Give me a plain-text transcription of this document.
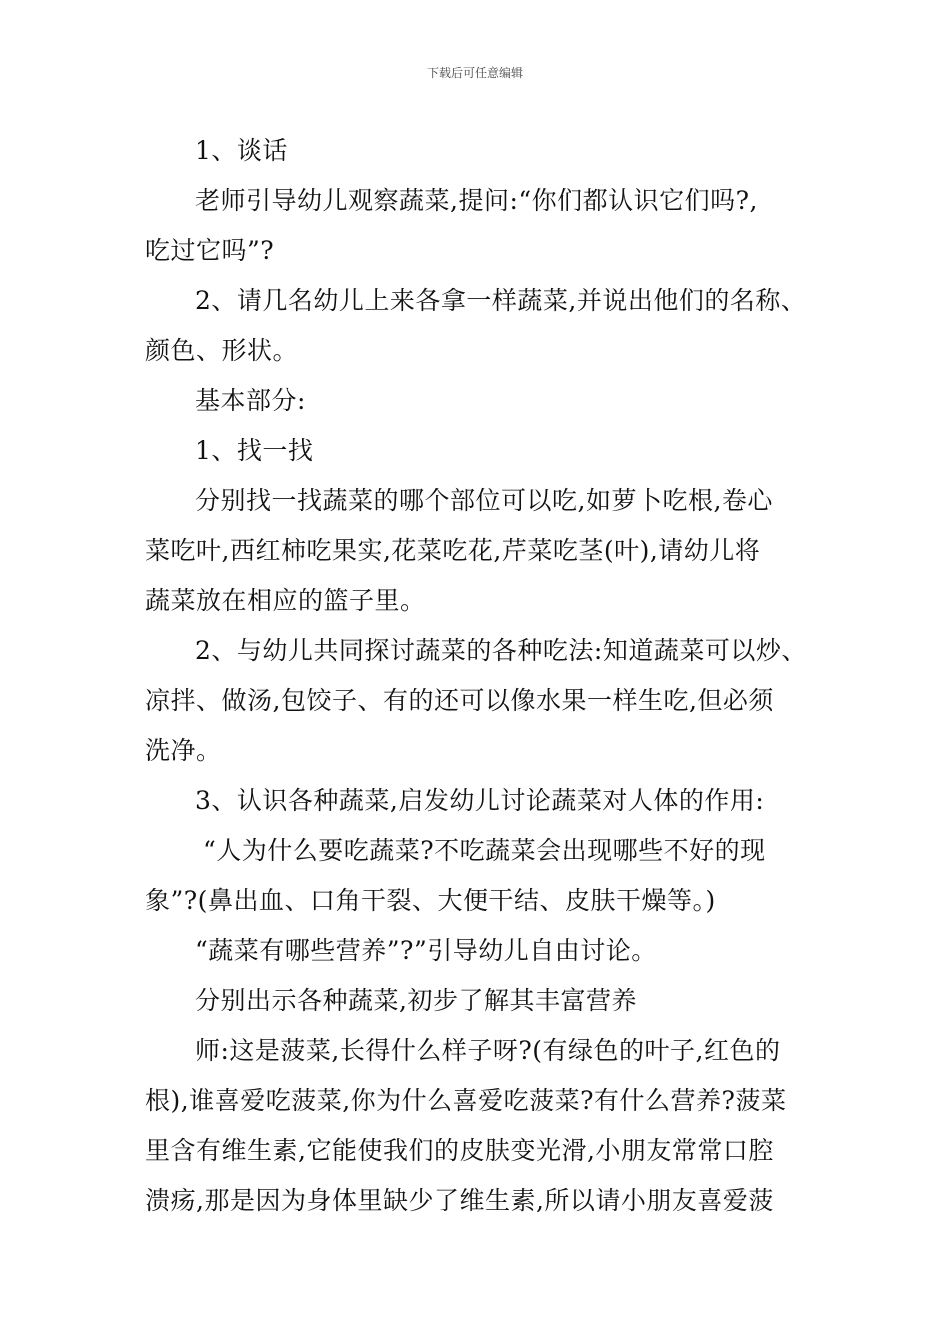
下载后可任意编辑
1、谈话
老师引导幼儿观察蔬菜,提问:“你们都认识它们吗?,
吃过它吗”?
2、请几名幼儿上来各拿一样蔬菜,并说出他们的名称、
颜色、形状。
基本部分:
1、找一找
分别找一找蔬菜的哪个部位可以吃,如萝卜吃根,卷心
菜吃叶,西红柿吃果实,花菜吃花,芹菜吃茎(叶),请幼儿将
蔬菜放在相应的篮子里。
2、与幼儿共同探讨蔬菜的各种吃法:知道蔬菜可以炒、
凉拌、做汤,包饺子、有的还可以像水果一样生吃,但必须
洗净。
3、认识各种蔬菜,启发幼儿讨论蔬菜对人体的作用:
“人为什么要吃蔬菜?不吃蔬菜会出现哪些不好的现
象”?(鼻出血、口角干裂、大便干结、皮肤干燥等。)
“蔬菜有哪些营养”?”引导幼儿自由讨论。
分别出示各种蔬菜,初步了解其丰富营养
师:这是菠菜,长得什么样子呀?(有绿色的叶子,红色的
根),谁喜爱吃菠菜,你为什么喜爱吃菠菜?有什么营养?菠菜
里含有维生素,它能使我们的皮肤变光滑,小朋友常常口腔
溃疡,那是因为身体里缺少了维生素,所以请小朋友喜爱菠
